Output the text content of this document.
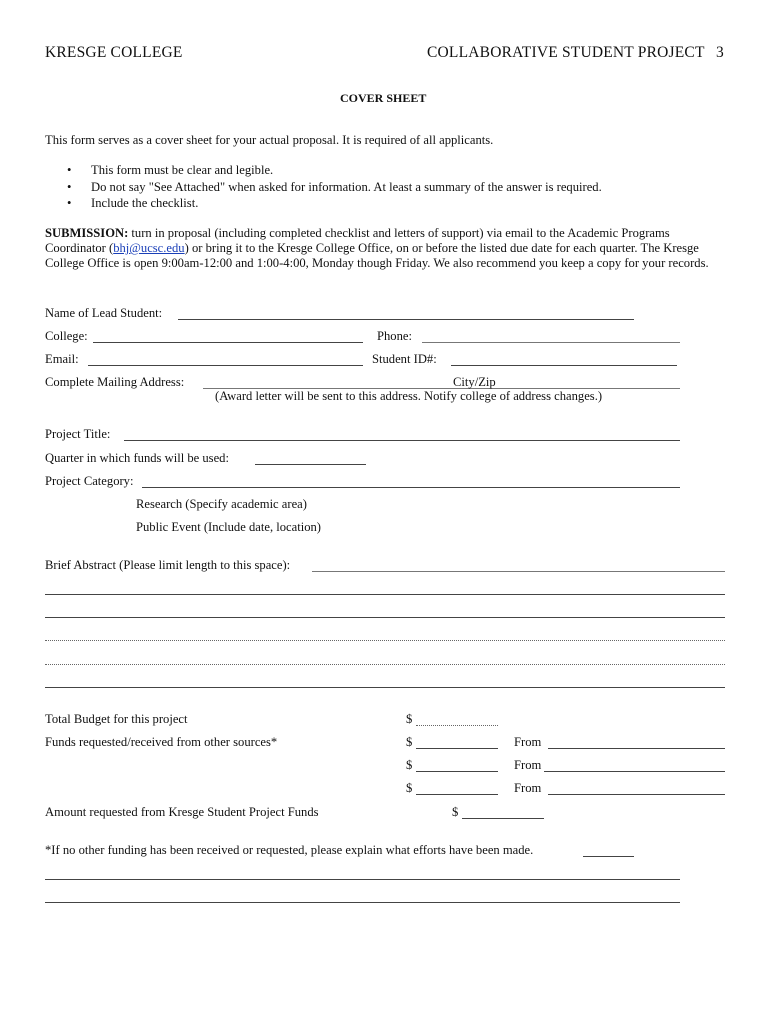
KRESGE COLLEGE	COLLABORATIVE STUDENT PROJECT 3
COVER SHEET
This form serves as a cover sheet for your actual proposal. It is required of all applicants.
• This form must be clear and legible.
• Do not say "See Attached" when asked for information. At least a summary of the answer is required.
• Include the checklist.
SUBMISSION: turn in proposal (including completed checklist and letters of support) via email to the Academic Programs Coordinator (bhj@ucsc.edu) or bring it to the Kresge College Office, on or before the listed due date for each quarter. The Kresge College Office is open 9:00am-12:00 and 1:00-4:00, Monday though Friday. We also recommend you keep a copy for your records.
Name of Lead Student:
College:	Phone:
Email:	Student ID#:
Complete Mailing Address:	City/Zip
(Award letter will be sent to this address. Notify college of address changes.)
Project Title:
Quarter in which funds will be used:
Project Category:
Research (Specify academic area)
Public Event (Include date, location)
Brief Abstract (Please limit length to this space):
Total Budget for this project	$
Funds requested/received from other sources*	$	From
$	From
$	From
Amount requested from Kresge Student Project Funds	$
*If no other funding has been received or requested, please explain what efforts have been made.
